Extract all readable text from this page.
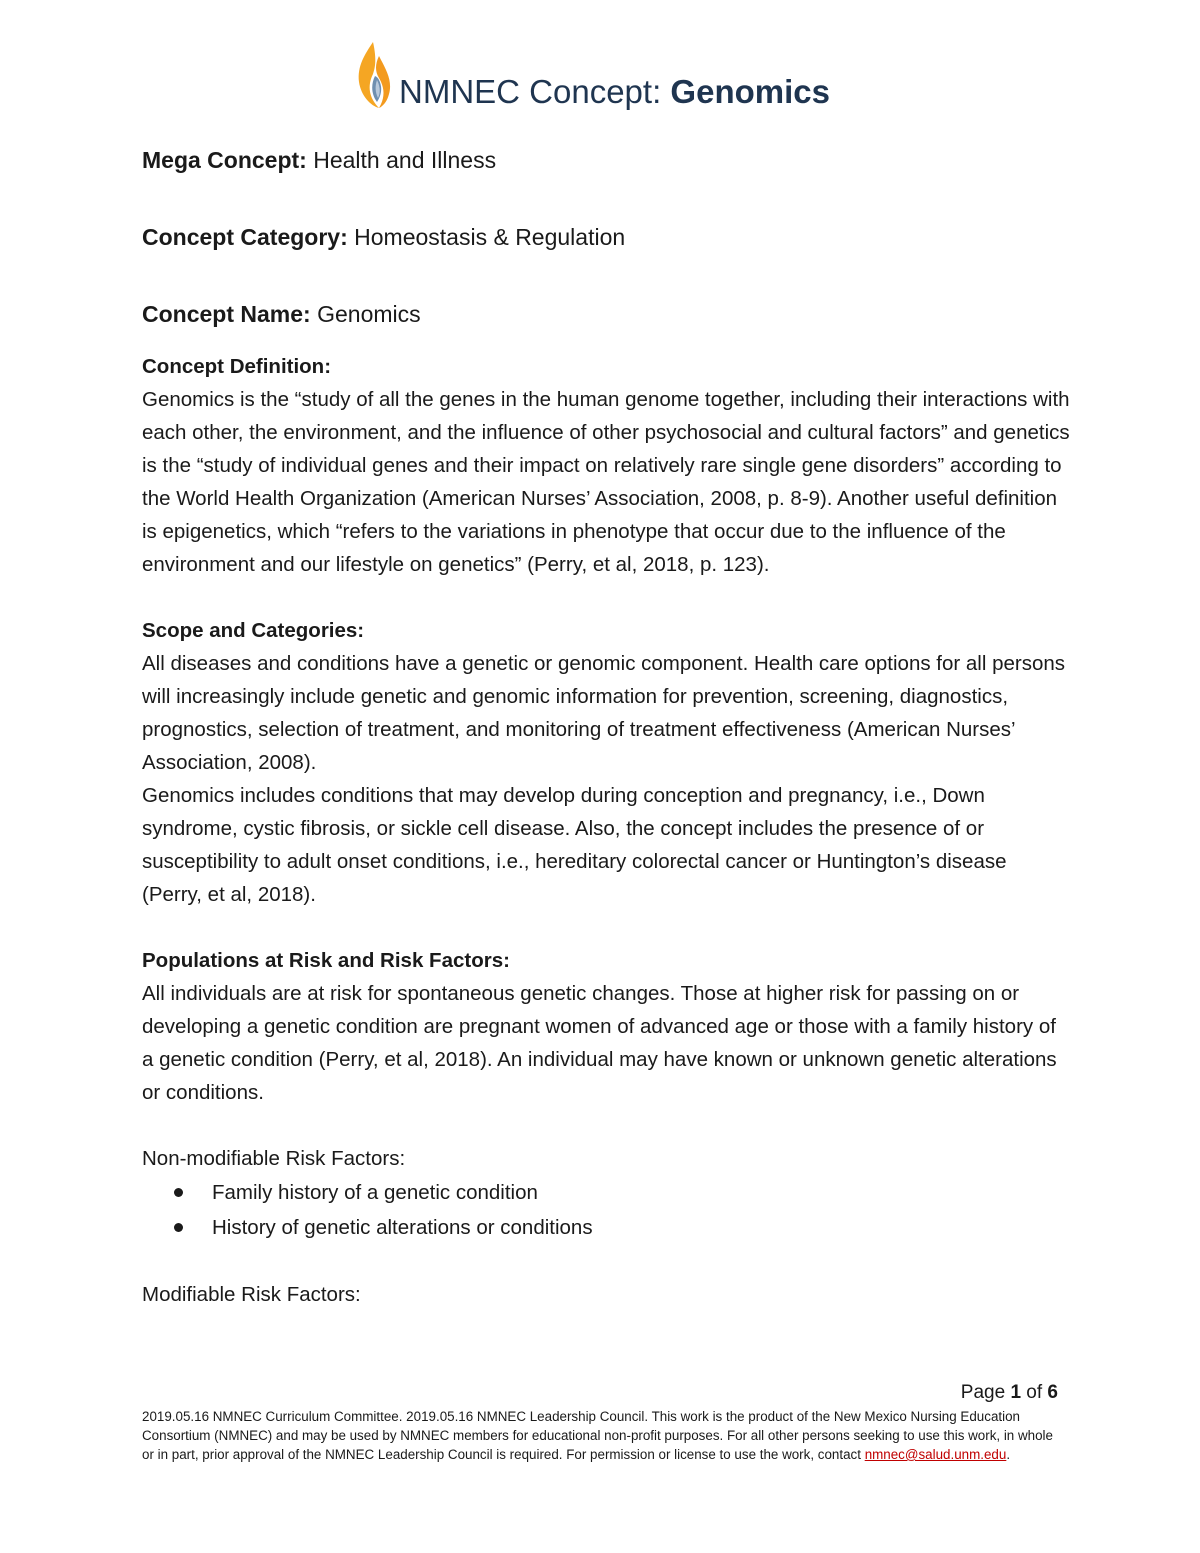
NMNEC Concept: Genomics

Mega Concept: Health and Illness

Concept Category: Homeostasis & Regulation

Concept Name: Genomics

Concept Definition:

Genomics is the “study of all the genes in the human genome together, including their interactions with each other, the environment, and the influence of other psychosocial and cultural factors” and genetics is the “study of individual genes and their impact on relatively rare single gene disorders” according to the World Health Organization (American Nurses’ Association, 2008, p. 8-9). Another useful definition is epigenetics, which “refers to the variations in phenotype that occur due to the influence of the environment and our lifestyle on genetics” (Perry, et al, 2018, p. 123).

Scope and Categories:

All diseases and conditions have a genetic or genomic component. Health care options for all persons will increasingly include genetic and genomic information for prevention, screening, diagnostics, prognostics, selection of treatment, and monitoring of treatment effectiveness (American Nurses’ Association, 2008).

Genomics includes conditions that may develop during conception and pregnancy, i.e., Down syndrome, cystic fibrosis, or sickle cell disease. Also, the concept includes the presence of or susceptibility to adult onset conditions, i.e., hereditary colorectal cancer or Huntington’s disease (Perry, et al, 2018).

Populations at Risk and Risk Factors:

All individuals are at risk for spontaneous genetic changes. Those at higher risk for passing on or developing a genetic condition are pregnant women of advanced age or those with a family history of a genetic condition (Perry, et al, 2018). An individual may have known or unknown genetic alterations or conditions.

Non-modifiable Risk Factors:

Family history of a genetic condition
History of genetic alterations or conditions

Modifiable Risk Factors:

Page 1 of 6
2019.05.16 NMNEC Curriculum Committee. 2019.05.16 NMNEC Leadership Council. This work is the product of the New Mexico Nursing Education Consortium (NMNEC) and may be used by NMNEC members for educational non-profit purposes. For all other persons seeking to use this work, in whole or in part, prior approval of the NMNEC Leadership Council is required. For permission or license to use the work, contact nmnec@salud.unm.edu.
